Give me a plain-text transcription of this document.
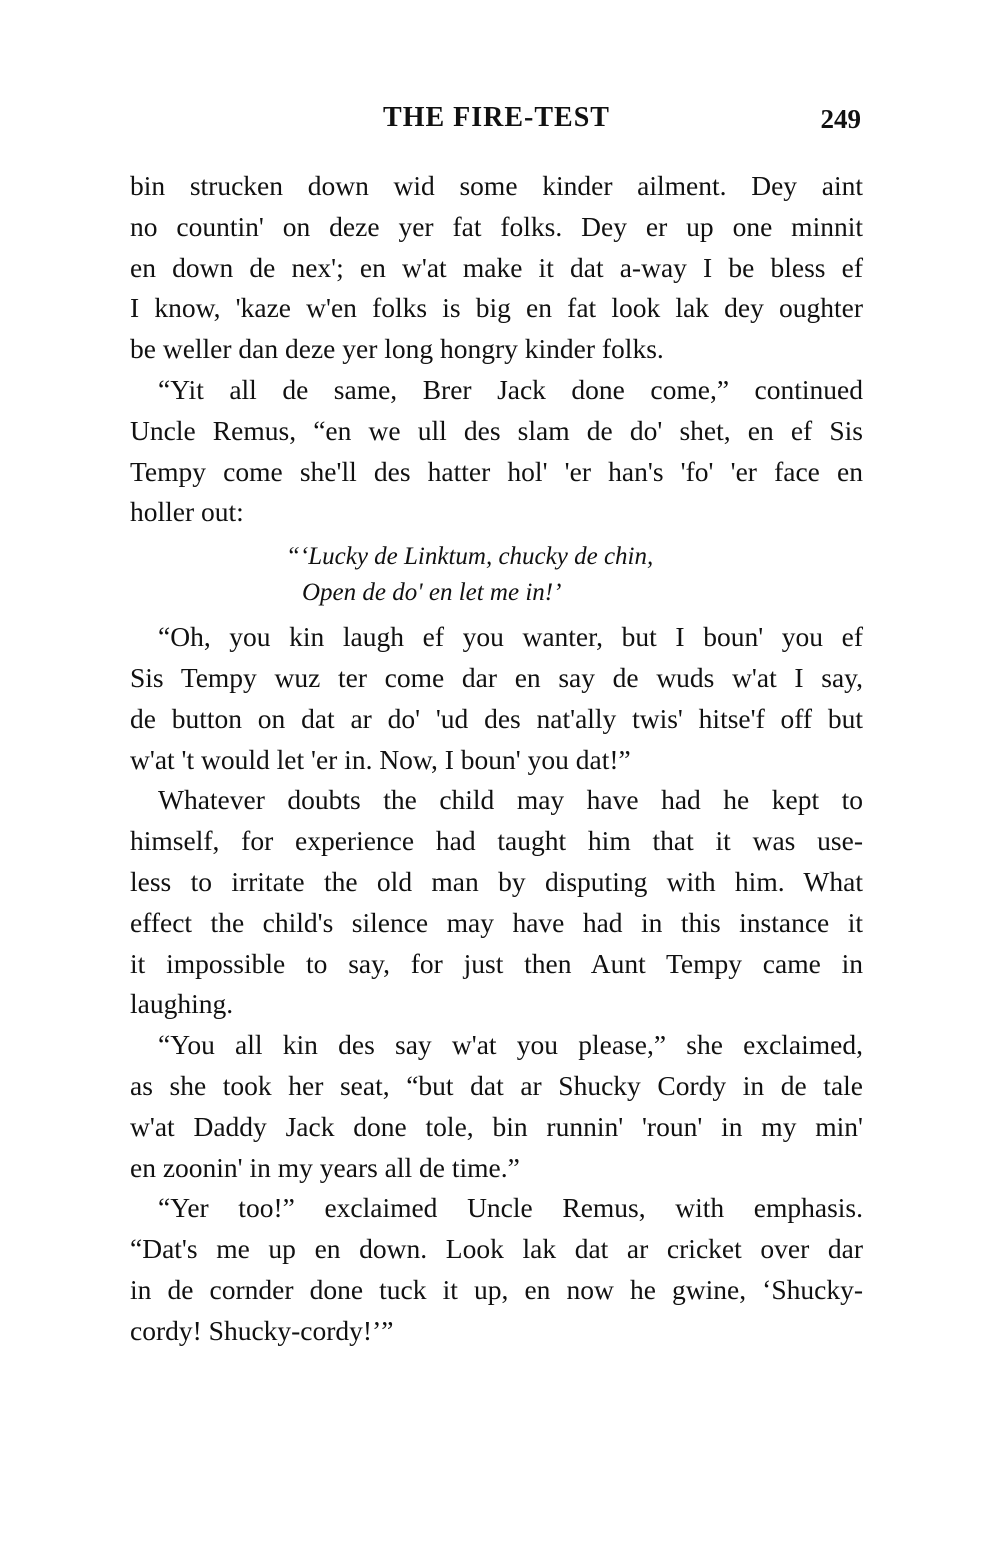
THE FIRE-TEST	249
bin strucken down wid some kinder ailment. Dey aint
no countin' on deze yer fat folks. Dey er up one minnit
en down de nex'; en w'at make it dat a-way I be bless ef
I know, 'kaze w'en folks is big en fat look lak dey oughter
be weller dan deze yer long hongry kinder folks.
“Yit all de same, Brer Jack done come,” continued
Uncle Remus, “en we ull des slam de do' shet, en ef Sis
Tempy come she'll des hatter hol' 'er han's 'fo' 'er face en
holler out:
“‘Lucky de Linktum, chucky de chin,
Open de do' en let me in!’
“Oh, you kin laugh ef you wanter, but I boun' you ef
Sis Tempy wuz ter come dar en say de wuds w'at I say,
de button on dat ar do' 'ud des nat'ally twis' hitse'f off but
w'at 't would let 'er in. Now, I boun' you dat!”
Whatever doubts the child may have had he kept to
himself, for experience had taught him that it was use-
less to irritate the old man by disputing with him. What
effect the child's silence may have had in this instance it
it impossible to say, for just then Aunt Tempy came in
laughing.
“You all kin des say w'at you please,” she exclaimed,
as she took her seat, “but dat ar Shucky Cordy in de tale
w'at Daddy Jack done tole, bin runnin' 'roun' in my min'
en zoonin' in my years all de time.”
“Yer too!” exclaimed Uncle Remus, with emphasis.
“Dat's me up en down. Look lak dat ar cricket over dar
in de cornder done tuck it up, en now he gwine, ‘Shucky-
cordy! Shucky-cordy!’”
